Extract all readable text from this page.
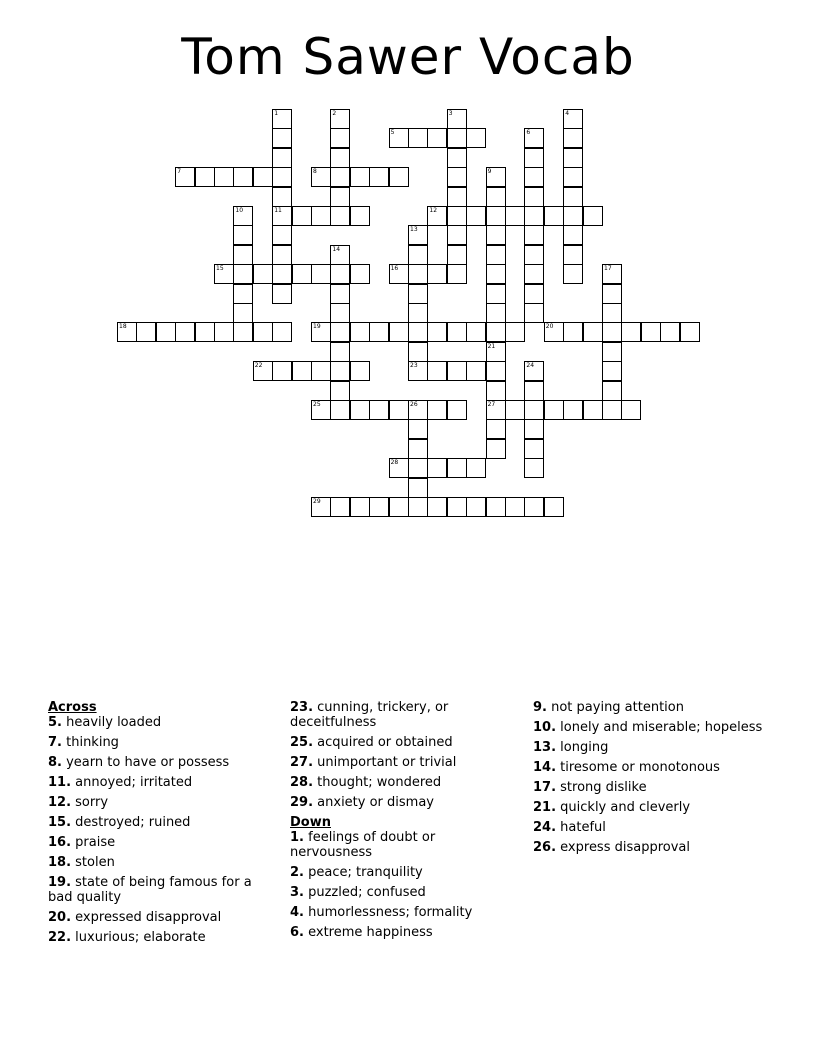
Tom Sawer Vocab
1
11
2	3	4
5	6
7	8	9
10	12
13
14
15	16	17
18	19	20
21
27
22	23	24
25	26
28
29
Across
5. heavily loaded
7. thinking
8. yearn to have or possess
11. annoyed; irritated
12. sorry
15. destroyed; ruined
16. praise
18. stolen
19. state of being famous for a bad quality
20. expressed disapproval
22. luxurious; elaborate
23. cunning, trickery, or deceitfulness
25. acquired or obtained
27. unimportant or trivial
28. thought; wondered
29. anxiety or dismay
Down
1. feelings of doubt or nervousness
2. peace; tranquility
3. puzzled; confused
4. humorlessness; formality
6. extreme happiness
9. not paying attention
10. lonely and miserable; hopeless
13. longing
14. tiresome or monotonous
17. strong dislike
21. quickly and cleverly
24. hateful
26. express disapproval
